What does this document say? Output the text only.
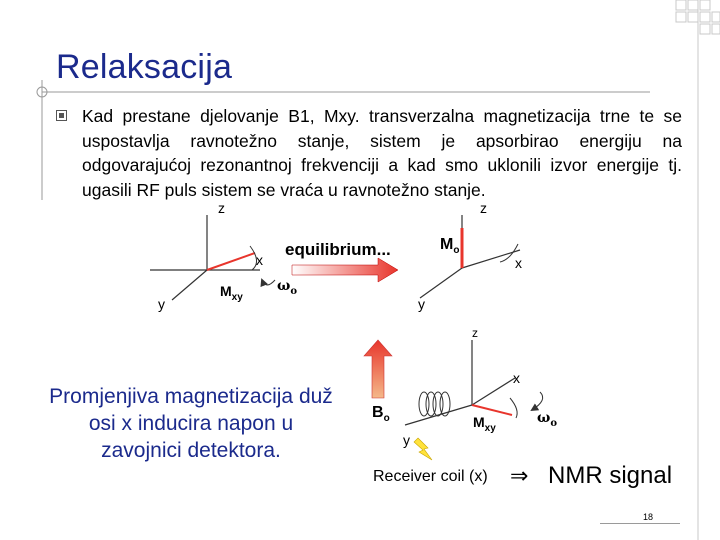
Relaksacija
Kad prestane djelovanje B1, Mxy. transverzalna magnetizacija trne te se uspostavlja ravnotežno stanje, sistem je apsorbirao energiju na odgovarajućoj rezonantnoj frekvenciji a kad smo uklonili izvor energije tj. ugasili RF puls sistem se vraća u ravnotežno stanje.
z
x
y
$M_{xy}$
$\omega_o$
equilibrium...
z
x
y
$M_o$
z
x
y
$B_o$	$M_{xy}$
$\omega_o$
Receiver coil (x) ⇒ NMR signal
Promjenjiva magnetizacija duž osi x inducira napon u zavojnici detektora.
18
